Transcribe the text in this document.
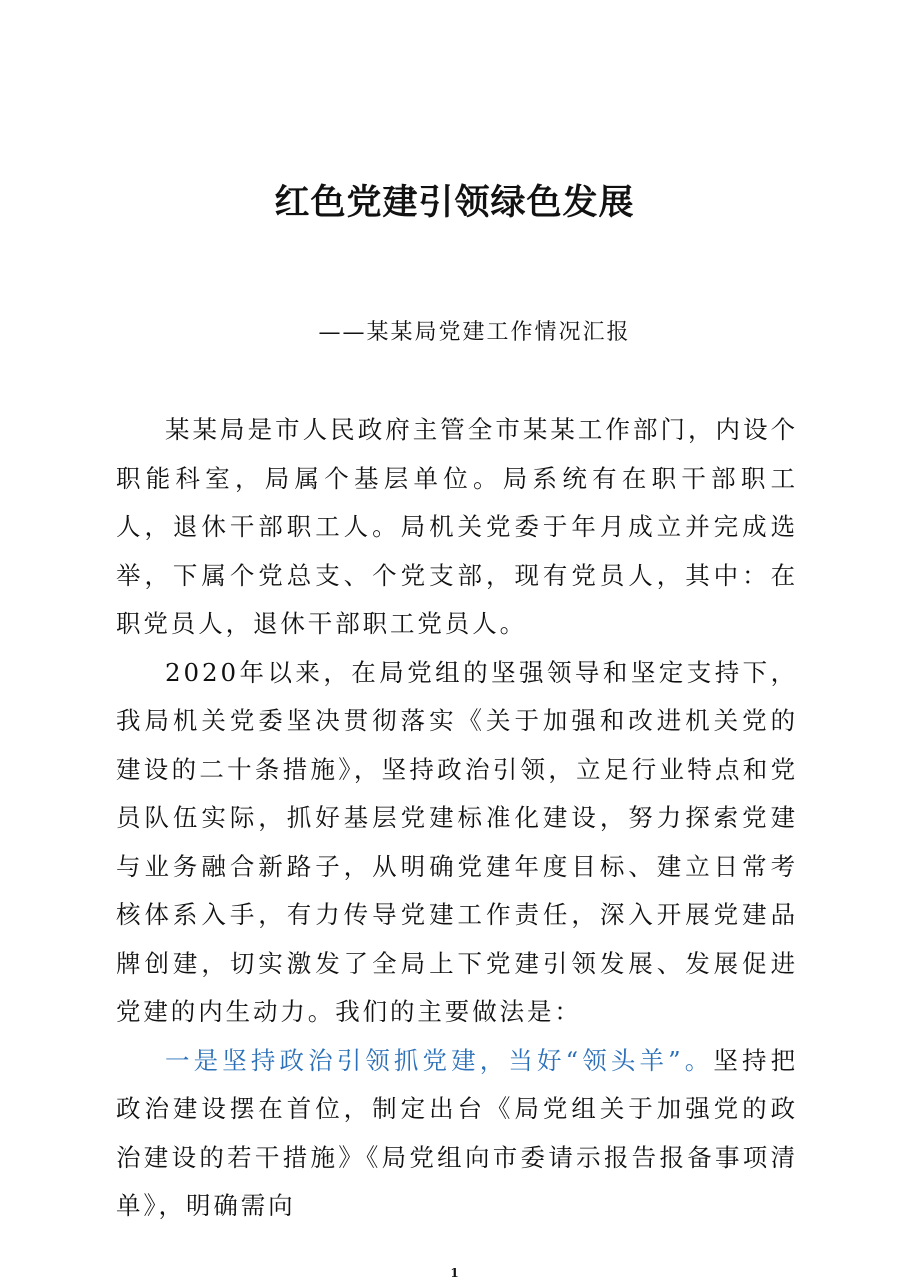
红色党建引领绿色发展

——某某局党建工作情况汇报

某某局是市人民政府主管全市某某工作部门，内设个职能科室，局属个基层单位。局系统有在职干部职工人，退休干部职工人。局机关党委于年月成立并完成选举，下属个党总支、个党支部，现有党员人，其中：在职党员人，退休干部职工党员人。

2020年以来，在局党组的坚强领导和坚定支持下，我局机关党委坚决贯彻落实《关于加强和改进机关党的建设的二十条措施》，坚持政治引领，立足行业特点和党员队伍实际，抓好基层党建标准化建设，努力探索党建与业务融合新路子，从明确党建年度目标、建立日常考核体系入手，有力传导党建工作责任，深入开展党建品牌创建，切实激发了全局上下党建引领发展、发展促进党建的内生动力。我们的主要做法是：

一是坚持政治引领抓党建，当好“领头羊”。坚持把政治建设摆在首位，制定出台《局党组关于加强党的政治建设的若干措施》《局党组向市委请示报告报备事项清单》，明确需向

1
